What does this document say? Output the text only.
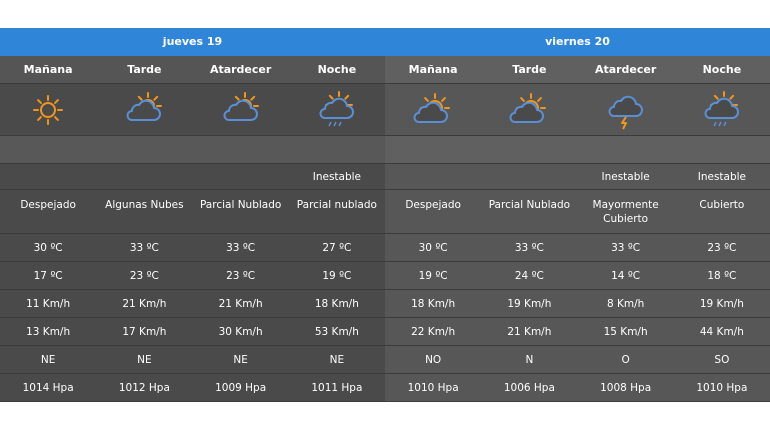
jueves 19	viernes 20
Mañana
Despejado
30 ºC
17 ºC
11 Km/h
13 Km/h
NE
1014 Hpa
Tarde
Algunas Nubes
33 ºC
23 ºC
21 Km/h
17 Km/h
NE
1012 Hpa
Atardecer
Parcial Nublado
33 ºC
23 ºC
21 Km/h
30 Km/h
NE
1009 Hpa
Noche
Inestable
Parcial nublado
27 ºC
19 ºC
18 Km/h
53 Km/h
NE
1011 Hpa
Mañana
Despejado
30 ºC
19 ºC
18 Km/h
22 Km/h
NO
1010 Hpa
Tarde
Parcial Nublado
33 ºC
24 ºC
19 Km/h
21 Km/h
N
1006 Hpa
Atardecer
Inestable
Mayormente Cubierto
33 ºC
14 ºC
8 Km/h
15 Km/h
O
1008 Hpa
Noche
Inestable
Cubierto
23 ºC
18 ºC
19 Km/h
44 Km/h
SO
1010 Hpa
